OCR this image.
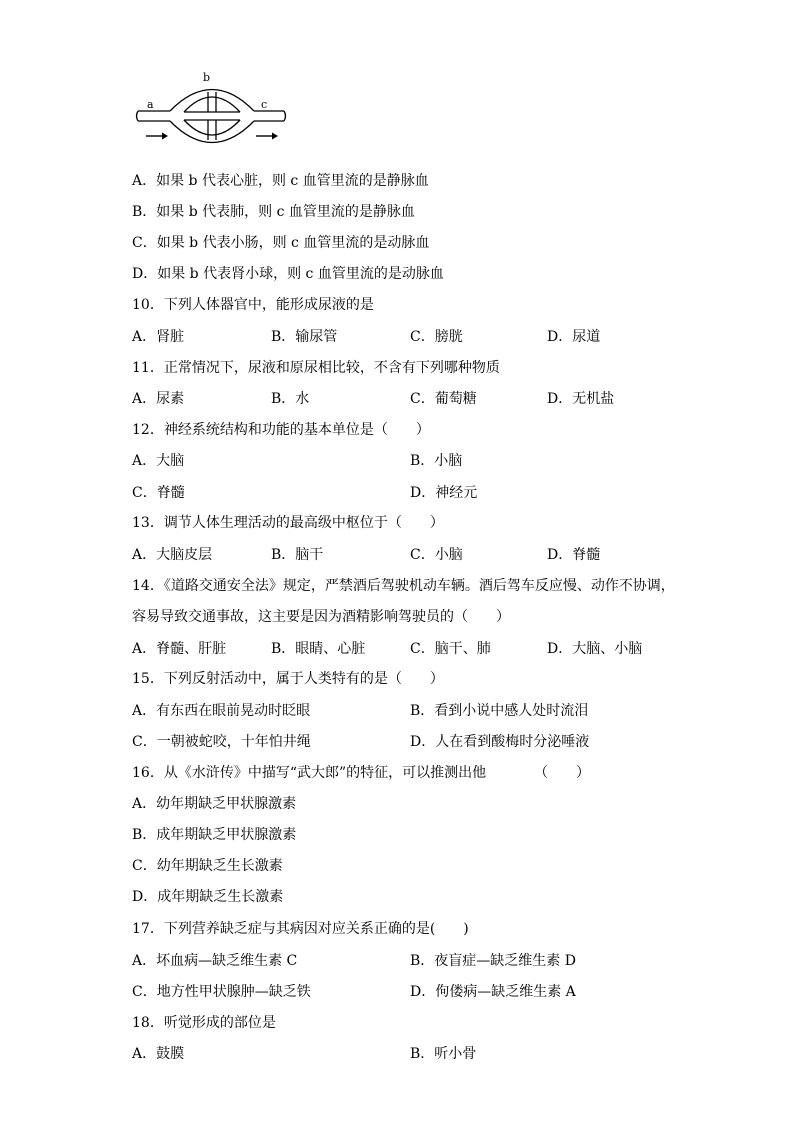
a
b
c
A．如果 b 代表心脏，则 c 血管里流的是静脉血
B．如果 b 代表肺，则 c 血管里流的是静脉血
C．如果 b 代表小肠，则 c 血管里流的是动脉血
D．如果 b 代表肾小球，则 c 血管里流的是动脉血
10．下列人体器官中，能形成尿液的是
A．肾脏	B．输尿管	C．膀胱	D．尿道
11．正常情况下，尿液和原尿相比较，不含有下列哪种物质
A．尿素	B．水	C．葡萄糖	D．无机盐
12．神经系统结构和功能的基本单位是（　　）
A．大脑	B．小脑
C．脊髓	D．神经元
13．调节人体生理活动的最高级中枢位于（　　）
A．大脑皮层	B．脑干	C．小脑	D．脊髓
14．《道路交通安全法》规定，严禁酒后驾驶机动车辆。酒后驾车反应慢、动作不协调，
容易导致交通事故，这主要是因为酒精影响驾驶员的（　　）
A．脊髓、肝脏	B．眼睛、心脏	C．脑干、肺	D．大脑、小脑
15．下列反射活动中，属于人类特有的是（　　）
A．有东西在眼前晃动时眨眼	B．看到小说中感人处时流泪
C．一朝被蛇咬，十年怕井绳	D．人在看到酸梅时分泌唾液
16．从《水浒传》中描写“武大郎”的特征，可以推测出他	（　　）
A．幼年期缺乏甲状腺激素
B．成年期缺乏甲状腺激素
C．幼年期缺乏生长激素
D．成年期缺乏生长激素
17．下列营养缺乏症与其病因对应关系正确的是(　　)
A．坏血病—缺乏维生素 C	B．夜盲症—缺乏维生素 D
C．地方性甲状腺肿—缺乏铁	D．佝偻病—缺乏维生素 A
18．听觉形成的部位是
A．鼓膜	B．听小骨
